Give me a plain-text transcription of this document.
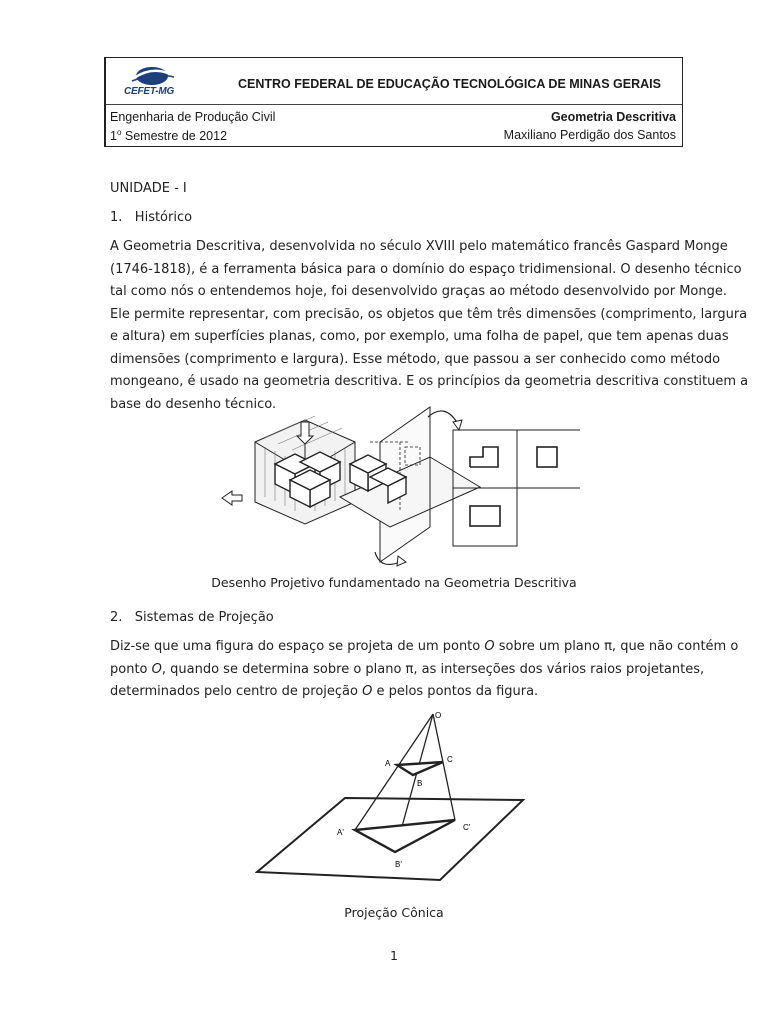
CEFET-MG
CENTRO FEDERAL DE EDUCAÇÃO TECNOLÓGICA DE MINAS GERAIS
Engenharia de Produção Civil
1$^o$ Semestre de 2012
Geometria Descritiva
Maxiliano Perdigão dos Santos
UNIDADE - I
1.   Histórico
A Geometria Descritiva, desenvolvida no século XVIII pelo matemático francês Gaspard Monge
(1746-1818), é a ferramenta básica para o domínio do espaço tridimensional. O desenho técnico
tal como nós o entendemos hoje, foi desenvolvido graças ao método desenvolvido por Monge.
Ele permite representar, com precisão, os objetos que têm três dimensões (comprimento, largura
e altura) em superfícies planas, como, por exemplo, uma folha de papel, que tem apenas duas
dimensões (comprimento e largura). Esse método, que passou a ser conhecido como método
mongeano, é usado na geometria descritiva. E os princípios da geometria descritiva constituem a
base do desenho técnico.
Desenho Projetivo fundamentado na Geometria Descritiva
2.   Sistemas de Projeção
Diz-se que uma figura do espaço se projeta de um ponto O sobre um plano π, que não contém o
ponto O, quando se determina sobre o plano π, as interseções dos vários raios projetantes,
determinados pelo centro de projeção O e pelos pontos da figura.
O
A
B
C
A'
B'
C'
Projeção Cônica
1
